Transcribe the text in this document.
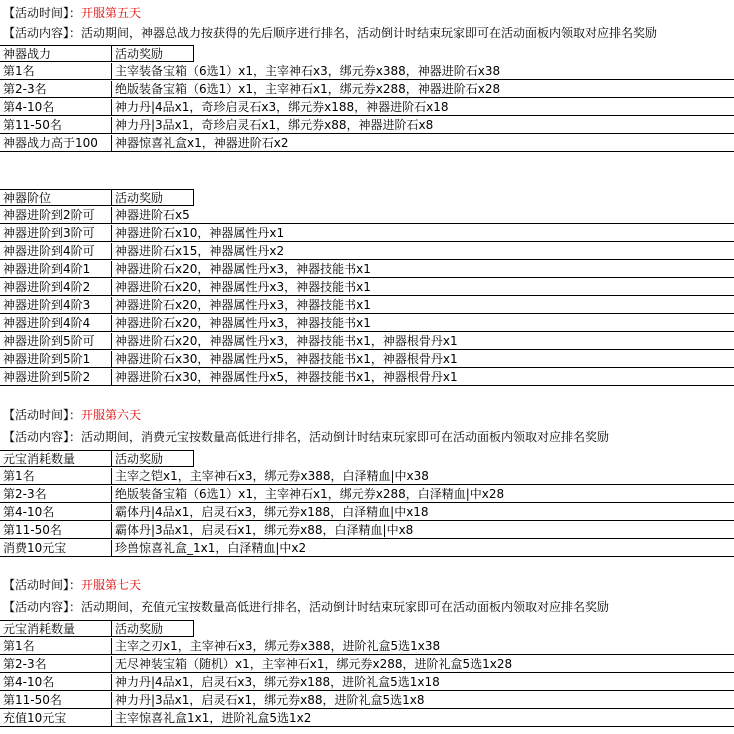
【活动时间】：开服第五天
【活动内容】：活动期间，神器总战力按获得的先后顺序进行排名，活动倒计时结束玩家即可在活动面板内领取对应排名奖励
神器战力	活动奖励
第1名	主宰装备宝箱（6选1）x1，主宰神石x3，绑元券x388，神器进阶石x38
第2-3名	绝版装备宝箱（6选1）x1，主宰神石x1，绑元券x288，神器进阶石x28
第4-10名	神力丹|4品x1，奇珍启灵石x3，绑元券x188，神器进阶石x18
第11-50名	神力丹|3品x1，奇珍启灵石x1，绑元券x88，神器进阶石x8
神器战力高于100	神器惊喜礼盒x1，神器进阶石x2
神器阶位	活动奖励
神器进阶到2阶可	神器进阶石x5
神器进阶到3阶可	神器进阶石x10，神器属性丹x1
神器进阶到4阶可	神器进阶石x15，神器属性丹x2
神器进阶到4阶1	神器进阶石x20，神器属性丹x3，神器技能书x1
神器进阶到4阶2	神器进阶石x20，神器属性丹x3，神器技能书x1
神器进阶到4阶3	神器进阶石x20，神器属性丹x3，神器技能书x1
神器进阶到4阶4	神器进阶石x20，神器属性丹x3，神器技能书x1
神器进阶到5阶可	神器进阶石x20，神器属性丹x3，神器技能书x1，神器根骨丹x1
神器进阶到5阶1	神器进阶石x30，神器属性丹x5，神器技能书x1，神器根骨丹x1
神器进阶到5阶2	神器进阶石x30，神器属性丹x5，神器技能书x1，神器根骨丹x1
【活动时间】：开服第六天
【活动内容】：活动期间，消费元宝按数量高低进行排名，活动倒计时结束玩家即可在活动面板内领取对应排名奖励
元宝消耗数量	活动奖励
第1名	主宰之铠x1，主宰神石x3，绑元券x388，白泽精血|中x38
第2-3名	绝版装备宝箱（6选1）x1，主宰神石x1，绑元券x288，白泽精血|中x28
第4-10名	霸体丹|4品x1，启灵石x3，绑元券x188，白泽精血|中x18
第11-50名	霸体丹|3品x1，启灵石x1，绑元券x88，白泽精血|中x8
消费10元宝	珍兽惊喜礼盒_1x1，白泽精血|中x2
【活动时间】：开服第七天
【活动内容】：活动期间，充值元宝按数量高低进行排名，活动倒计时结束玩家即可在活动面板内领取对应排名奖励
元宝消耗数量	活动奖励
第1名	主宰之刃x1，主宰神石x3，绑元券x388，进阶礼盒5选1x38
第2-3名	无尽神装宝箱（随机）x1，主宰神石x1，绑元券x288，进阶礼盒5选1x28
第4-10名	神力丹|4品x1，启灵石x3，绑元券x188，进阶礼盒5选1x18
第11-50名	神力丹|3品x1，启灵石x1，绑元券x88，进阶礼盒5选1x8
充值10元宝	主宰惊喜礼盒1x1，进阶礼盒5选1x2
